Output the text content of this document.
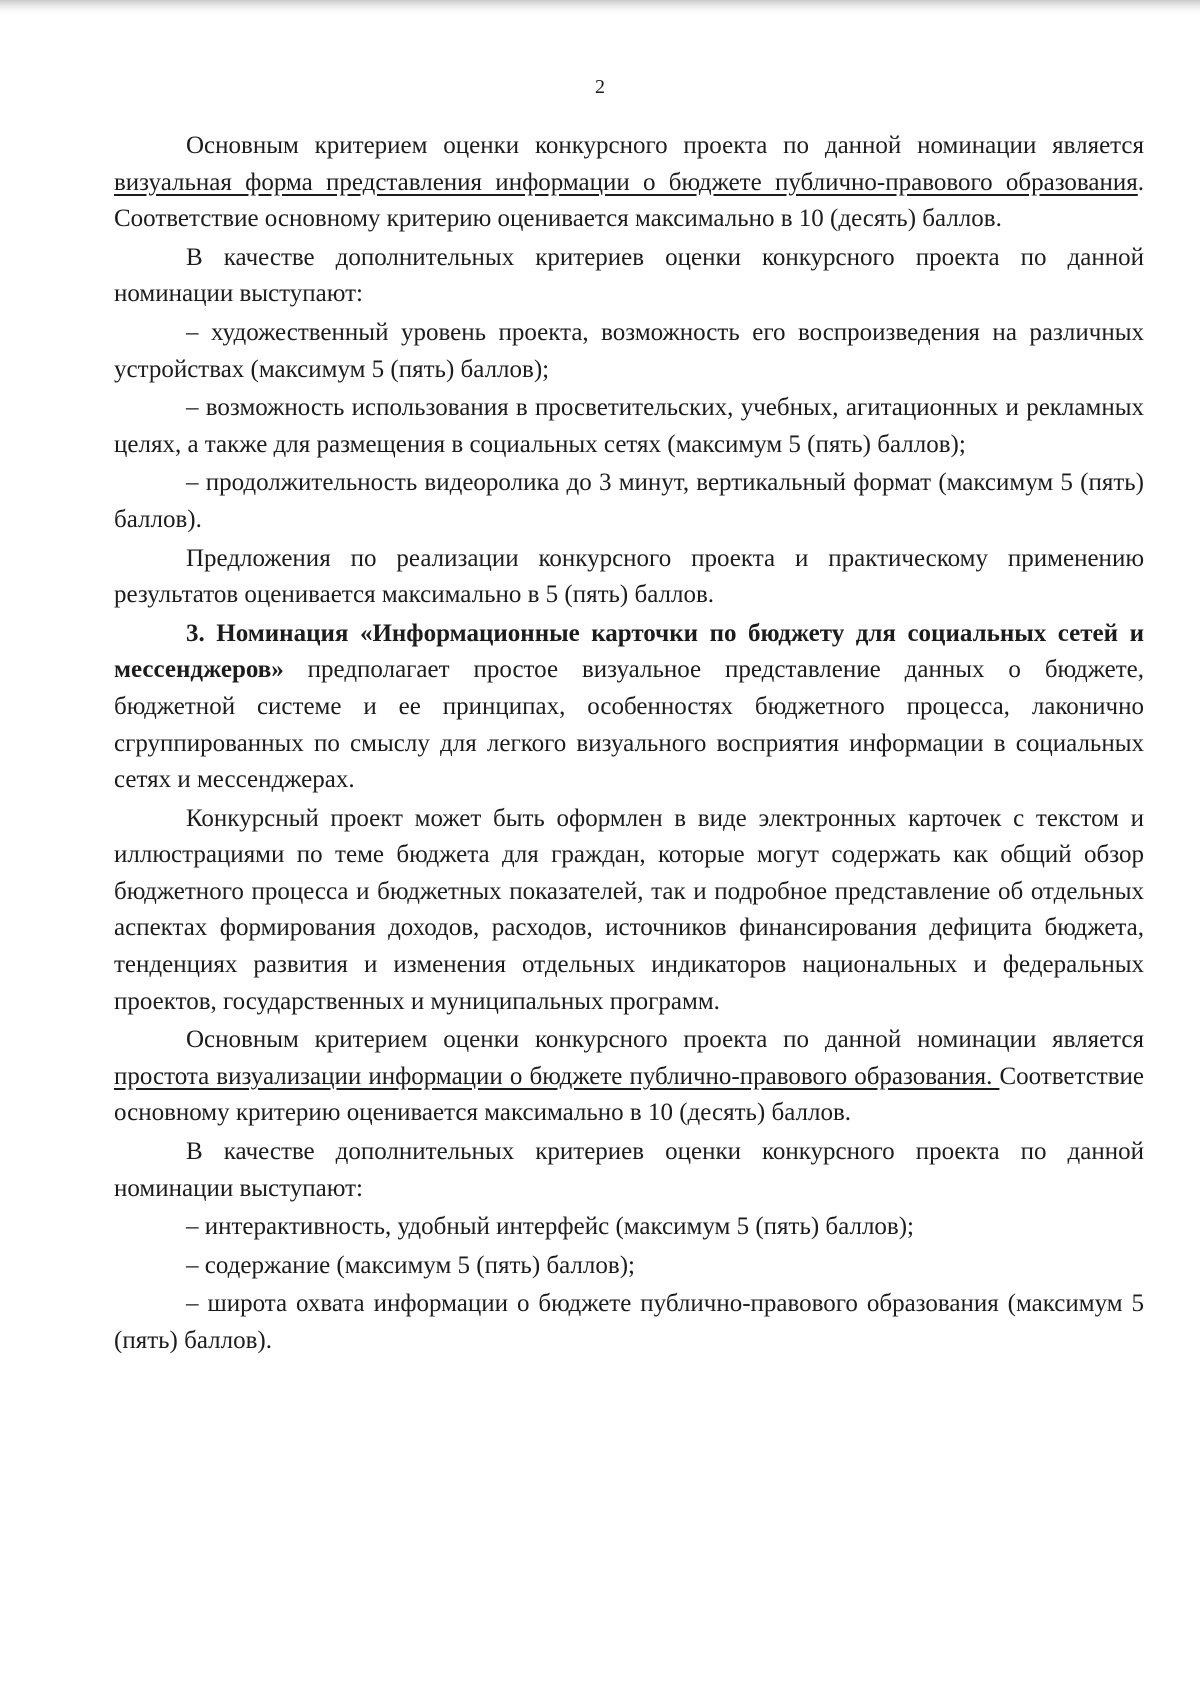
2

Основным критерием оценки конкурсного проекта по данной номинации является визуальная форма представления информации о бюджете публично-правового образования. Соответствие основному критерию оценивается максимально в 10 (десять) баллов.

В качестве дополнительных критериев оценки конкурсного проекта по данной номинации выступают:

– художественный уровень проекта, возможность его воспроизведения на различных устройствах (максимум 5 (пять) баллов);

– возможность использования в просветительских, учебных, агитационных и рекламных целях, а также для размещения в социальных сетях (максимум 5 (пять) баллов);

– продолжительность видеоролика до 3 минут, вертикальный формат (максимум 5 (пять) баллов).

Предложения по реализации конкурсного проекта и практическому применению результатов оценивается максимально в 5 (пять) баллов.

3. Номинация «Информационные карточки по бюджету для социальных сетей и мессенджеров» предполагает простое визуальное представление данных о бюджете, бюджетной системе и ее принципах, особенностях бюджетного процесса, лаконично сгруппированных по смыслу для легкого визуального восприятия информации в социальных сетях и мессенджерах.

Конкурсный проект может быть оформлен в виде электронных карточек с текстом и иллюстрациями по теме бюджета для граждан, которые могут содержать как общий обзор бюджетного процесса и бюджетных показателей, так и подробное представление об отдельных аспектах формирования доходов, расходов, источников финансирования дефицита бюджета, тенденциях развития и изменения отдельных индикаторов национальных и федеральных проектов, государственных и муниципальных программ.

Основным критерием оценки конкурсного проекта по данной номинации является простота визуализации информации о бюджете публично-правового образования. Соответствие основному критерию оценивается максимально в 10 (десять) баллов.

В качестве дополнительных критериев оценки конкурсного проекта по данной номинации выступают:

– интерактивность, удобный интерфейс (максимум 5 (пять) баллов);

– содержание (максимум 5 (пять) баллов);

– широта охвата информации о бюджете публично-правового образования (максимум 5 (пять) баллов).
